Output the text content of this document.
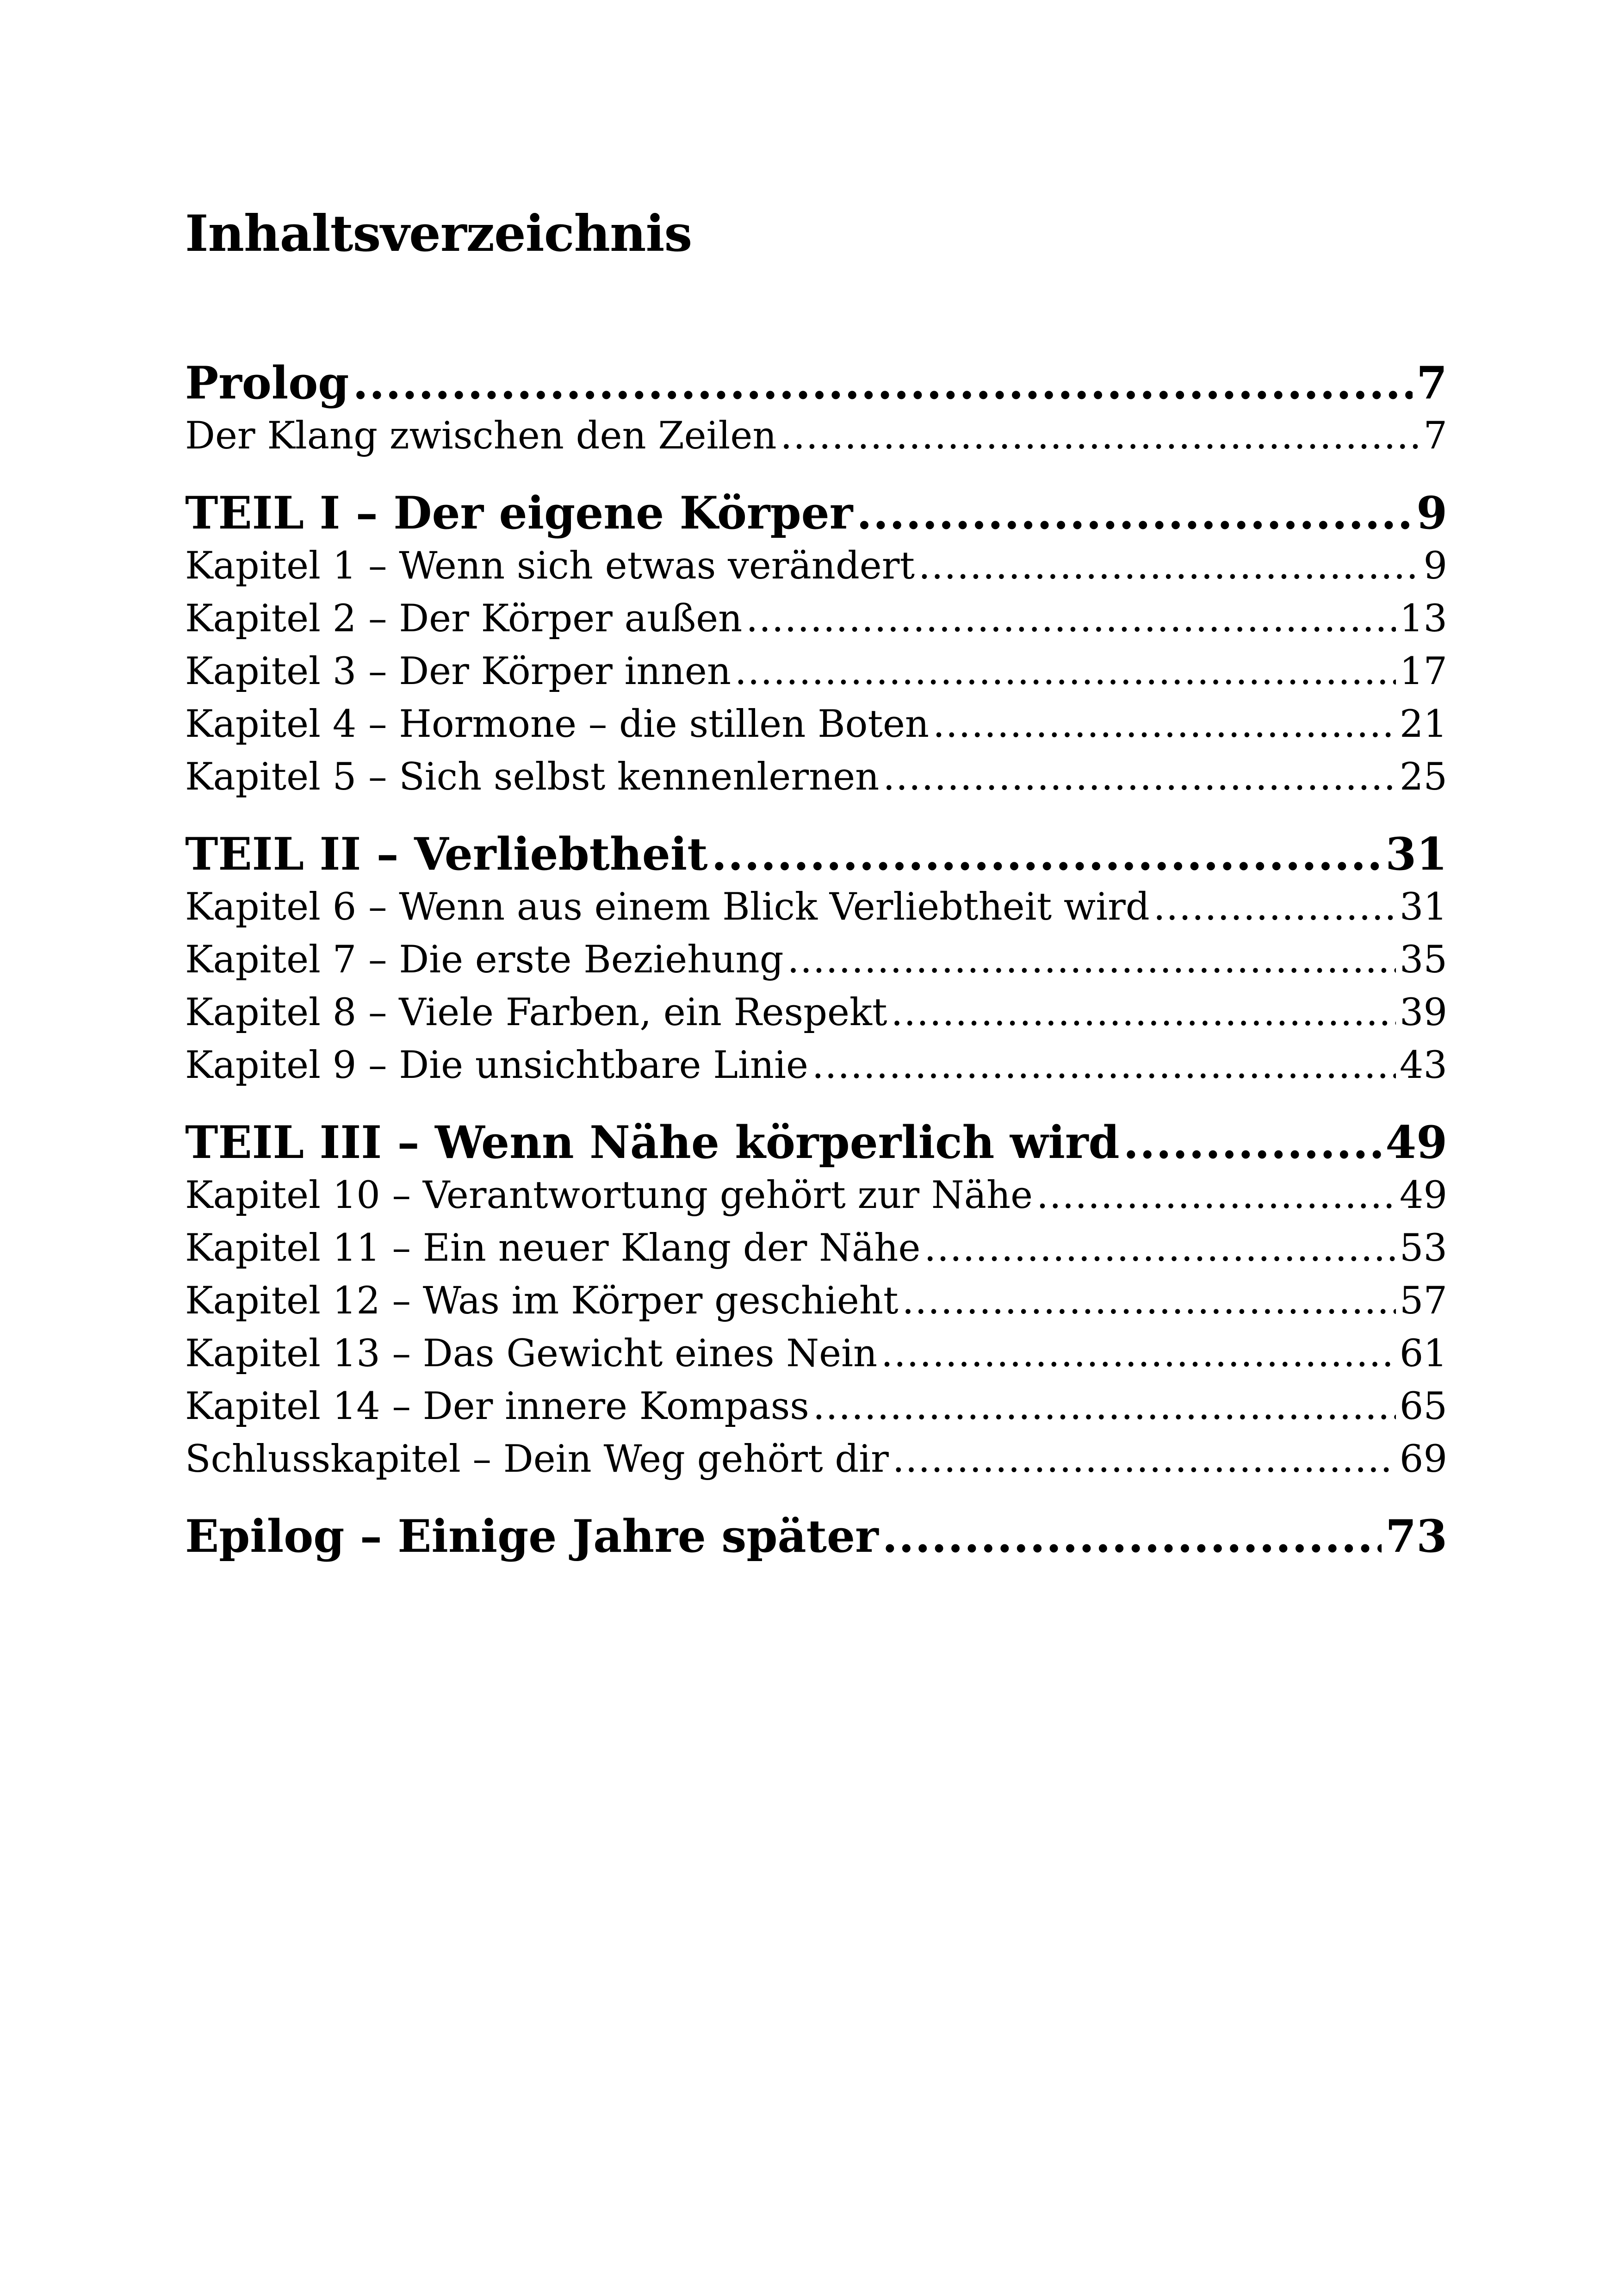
Inhaltsverzeichnis
Prolog .....	7
Der Klang zwischen den Zeilen .....	7
TEIL I – Der eigene Körper .....	9
Kapitel 1 – Wenn sich etwas verändert .....	9
Kapitel 2 – Der Körper außen .....	13
Kapitel 3 – Der Körper innen .....	17
Kapitel 4 – Hormone – die stillen Boten .....	21
Kapitel 5 – Sich selbst kennenlernen .....	25
TEIL II – Verliebtheit .....	31
Kapitel 6 – Wenn aus einem Blick Verliebtheit wird .....	31
Kapitel 7 – Die erste Beziehung .....	35
Kapitel 8 – Viele Farben, ein Respekt .....	39
Kapitel 9 – Die unsichtbare Linie .....	43
TEIL III – Wenn Nähe körperlich wird .....	49
Kapitel 10 – Verantwortung gehört zur Nähe .....	49
Kapitel 11 – Ein neuer Klang der Nähe .....	53
Kapitel 12 – Was im Körper geschieht .....	57
Kapitel 13 – Das Gewicht eines Nein .....	61
Kapitel 14 – Der innere Kompass .....	65
Schlusskapitel – Dein Weg gehört dir .....	69
Epilog – Einige Jahre später .....	73
